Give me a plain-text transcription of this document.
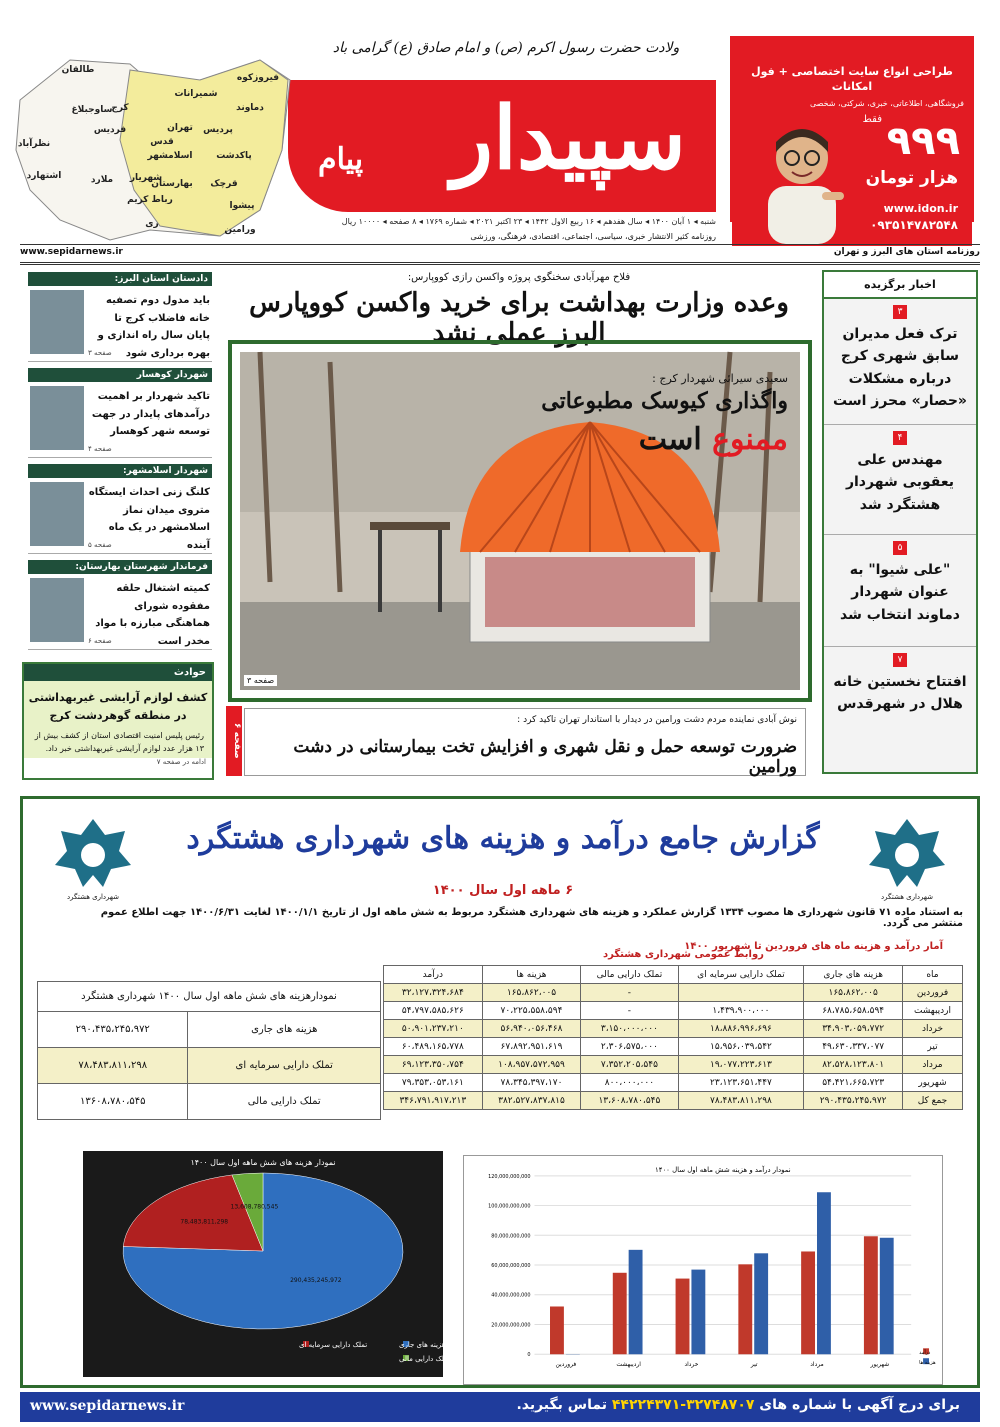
طراحی انواع سایت اختصاصی + فول امکانات
فروشگاهی، اطلاعاتی، خبری، شرکتی، شخصی
۹۹۹
فقط
هزار تومان
www.idon.ir
۰۹۳۵۱۴۷۸۲۵۴۸
ولادت حضرت رسول اکرم (ص) و امام صادق (ع) گرامی باد
سپیدار
پیام
شنبه ◂ ۱ آبان ۱۴۰۰ ◂ سال هفدهم ◂ ۱۶ ربیع الاول ۱۴۴۲ ◂ ۲۳ اکتبر ۲۰۲۱ ◂ شماره ۱۷۶۹ ◂ ۸ صفحه ◂ ۱۰۰۰۰ ریال
روزنامه کثیر الانتشار خبری، سیاسی، اجتماعی، اقتصادی، فرهنگی، ورزشی
طالقان
ساوجبلاغ
کرج
نظرآباد
اشتهارد
فردیس
ملارد
شمیرانات
تهران
فیروزکوه
دماوند
پردیس
اسلامشهر
قدس
شهریار
بهارستان
رباط کریم
ری
پاکدشت
قرچک
پیشوا
ورامین
www.sepidarnews.ir	روزنامه استان های البرز و تهران
اخبار برگزیده
۳
ترک فعل مدیران سابق شهری کرج درباره مشکلات «حصار» محرز است
۴
مهندس علی یعقوبی شهردار هشتگرد شد
۵
"علی شیوا" به عنوان شهردار دماوند انتخاب شد
۷
افتتاح نخستین خانه هلال در شهرقدس
دادستان استان البرز:
باید مدول دوم تصفیه خانه فاضلاب کرج تا پایان سال راه اندازی و بهره برداری شود
صفحه ۳
شهردار کوهسار
تاکید شهردار بر اهمیت درآمدهای پایدار در جهت توسعه شهر کوهسار
صفحه ۴
شهردار اسلامشهر:
کلنگ زنی احداث ایستگاه متروی میدان نماز اسلامشهر در یک ماه آینده
صفحه ۵
فرماندار شهرستان بهارستان:
کمیته اشتغال حلقه مفقوده شورای هماهنگی مبارزه با مواد مخدر است
صفحه ۶
حوادث
کشف لوازم آرایشی غیربهداشتی در منطقه گوهردشت کرج
رئیس پلیس امنیت اقتصادی استان از کشف بیش از ۱۳ هزار عدد لوازم آرایشی غیربهداشتی خبر داد.
ادامه در صفحه ۷
فلاح مهرآبادی سخنگوی پروژه واکسن رازی کووپارس:
وعده وزارت بهداشت برای خرید واکسن کووپارس البرز عملی نشد
سعیدی سیرائی شهردار کرج :
واگذاری کیوسک مطبوعاتی
ممنوع است
صفحه ۳
صفحه ۶
نوش آبادی نماینده مردم دشت ورامین در دیدار با استاندار تهران تاکید کرد :
ضرورت توسعه حمل و نقل شهری و افزایش تخت بیمارستانی در دشت ورامین
شهرداری هشتگرد
شهرداری هشتگرد
گزارش جامع درآمد و هزینه های شهرداری هشتگرد
۶ ماهه اول سال ۱۴۰۰
به استناد ماده ۷۱ قانون شهرداری ها مصوب ۱۳۳۴ گزارش عملکرد و هزینه های شهرداری هشتگرد مربوط به شش ماهه اول از تاریخ ۱۴۰۰/۱/۱ لغایت ۱۴۰۰/۶/۳۱ جهت اطلاع عموم منتشر می گردد.
آمار درآمد و هزینه ماه های فروردین تا شهریور ۱۴۰۰
روابط عمومی شهرداری هشتگرد
ماه	هزینه های جاری	تملک دارایی سرمایه ای	تملک دارایی مالی	هزینه ها	درآمد
فروردین	۱۶۵،۸۶۲،۰۰۵		-	۱۶۵،۸۶۲،۰۰۵	۳۲،۱۲۷،۳۲۴،۶۸۴
اردیبهشت	۶۸،۷۸۵،۶۵۸،۵۹۴	۱،۴۳۹،۹۰۰،۰۰۰	-	۷۰،۲۲۵،۵۵۸،۵۹۴	۵۴،۷۹۷،۵۸۵،۶۲۶
خرداد	۳۴،۹۰۳،۰۵۹،۷۷۲	۱۸،۸۸۶،۹۹۶،۶۹۶	۳،۱۵۰،۰۰۰،۰۰۰	۵۶،۹۴۰،۰۵۶،۴۶۸	۵۰،۹۰۱،۲۳۷،۲۱۰
تیر	۴۹،۶۳۰،۳۳۷،۰۷۷	۱۵،۹۵۶،۰۳۹،۵۴۲	۲،۳۰۶،۵۷۵،۰۰۰	۶۷،۸۹۲،۹۵۱،۶۱۹	۶۰،۴۸۹،۱۶۵،۷۷۸
مرداد	۸۲،۵۲۸،۱۲۳،۸۰۱	۱۹،۰۷۷،۲۲۳،۶۱۳	۷،۳۵۲،۲۰۵،۵۴۵	۱۰۸،۹۵۷،۵۷۲،۹۵۹	۶۹،۱۲۳،۳۵۰،۷۵۴
شهریور	۵۴،۴۲۱،۶۶۵،۷۲۳	۲۳،۱۲۳،۶۵۱،۴۴۷	۸۰۰،۰۰۰،۰۰۰	۷۸،۳۴۵،۳۹۷،۱۷۰	۷۹،۳۵۳،۰۵۳،۱۶۱
جمع کل	۲۹۰،۴۳۵،۲۴۵،۹۷۲	۷۸،۴۸۳،۸۱۱،۲۹۸	۱۳،۶۰۸،۷۸۰،۵۴۵	۳۸۲،۵۲۷،۸۳۷،۸۱۵	۳۴۶،۷۹۱،۹۱۷،۲۱۳
نمودارهزینه های شش ماهه اول سال ۱۴۰۰ شهرداری هشتگرد	
هزینه های جاری	۲۹۰،۴۳۵،۲۴۵،۹۷۲
تملک دارایی سرمایه ای	۷۸،۴۸۳،۸۱۱،۲۹۸
تملک دارایی مالی	۱۳۶۰۸،۷۸۰،۵۴۵
نمودار درآمد و هزینه شش ماهه اول سال ۱۴۰۰
0
20,000,000,000
40,000,000,000
60,000,000,000
80,000,000,000
100,000,000,000
120,000,000,000
فروردین	اردیبهشت	خرداد	تیر	مرداد	شهریور
درآمد
هزینه ها
نمودار هزینه های شش ماهه اول سال ۱۴۰۰
290,435,245,972
78,483,811,298
13,608,780,545
هزینه های جاری
تملک دارایی سرمایه ای
تملک دارایی مالی
www.sepidarnews.ir	برای درج آگهی با شماره های ۳۲۷۴۸۷۰۷-۴۴۲۲۴۳۷۱ تماس بگیرید.
